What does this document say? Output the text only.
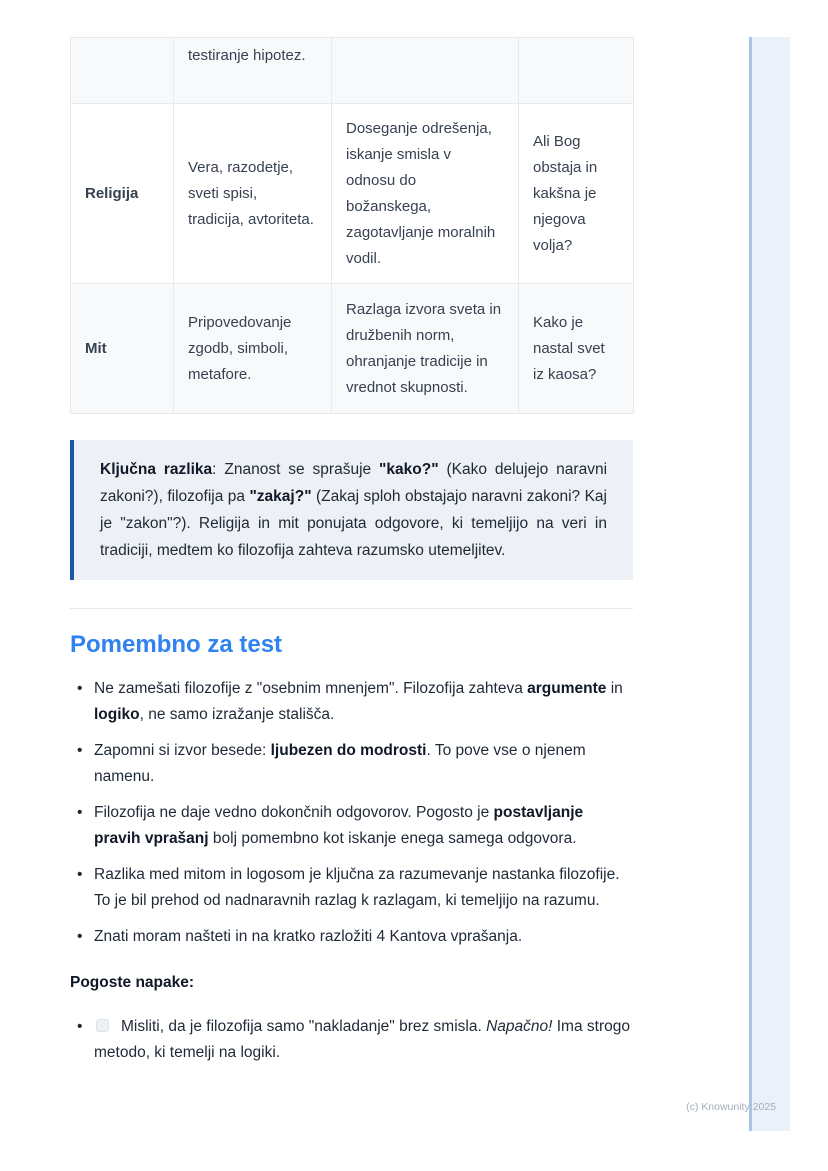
	testiranje hipotez.		
Religija	Vera, razodetje, sveti spisi, tradicija, avtoriteta.	Doseganje odrešenja, iskanje smisla v odnosu do božanskega, zagotavljanje moralnih vodil.	Ali Bog obstaja in kakšna je njegova volja?
Mit	Pripovedovanje zgodb, simboli, metafore.	Razlaga izvora sveta in družbenih norm, ohranjanje tradicije in vrednot skupnosti.	Kako je nastal svet iz kaosa?

Ključna razlika: Znanost se sprašuje "kako?" (Kako delujejo naravni zakoni?), filozofija pa "zakaj?" (Zakaj sploh obstajajo naravni zakoni? Kaj je "zakon"?). Religija in mit ponujata odgovore, ki temeljijo na veri in tradiciji, medtem ko filozofija zahteva razumsko utemeljitev.

Pomembno za test
• Ne zamešati filozofije z "osebnim mnenjem". Filozofija zahteva argumente in logiko, ne samo izražanje stališča.
• Zapomni si izvor besede: ljubezen do modrosti. To pove vse o njenem namenu.
• Filozofija ne daje vedno dokončnih odgovorov. Pogosto je postavljanje pravih vprašanj bolj pomembno kot iskanje enega samega odgovora.
• Razlika med mitom in logosom je ključna za razumevanje nastanka filozofije. To je bil prehod od nadnaravnih razlag k razlagam, ki temeljijo na razumu.
• Znati moram našteti in na kratko razložiti 4 Kantova vprašanja.

Pogoste napake:

• Misliti, da je filozofija samo "nakladanje" brez smisla. Napačno! Ima strogo metodo, ki temelji na logiki.
(c) Knowunity 2025
